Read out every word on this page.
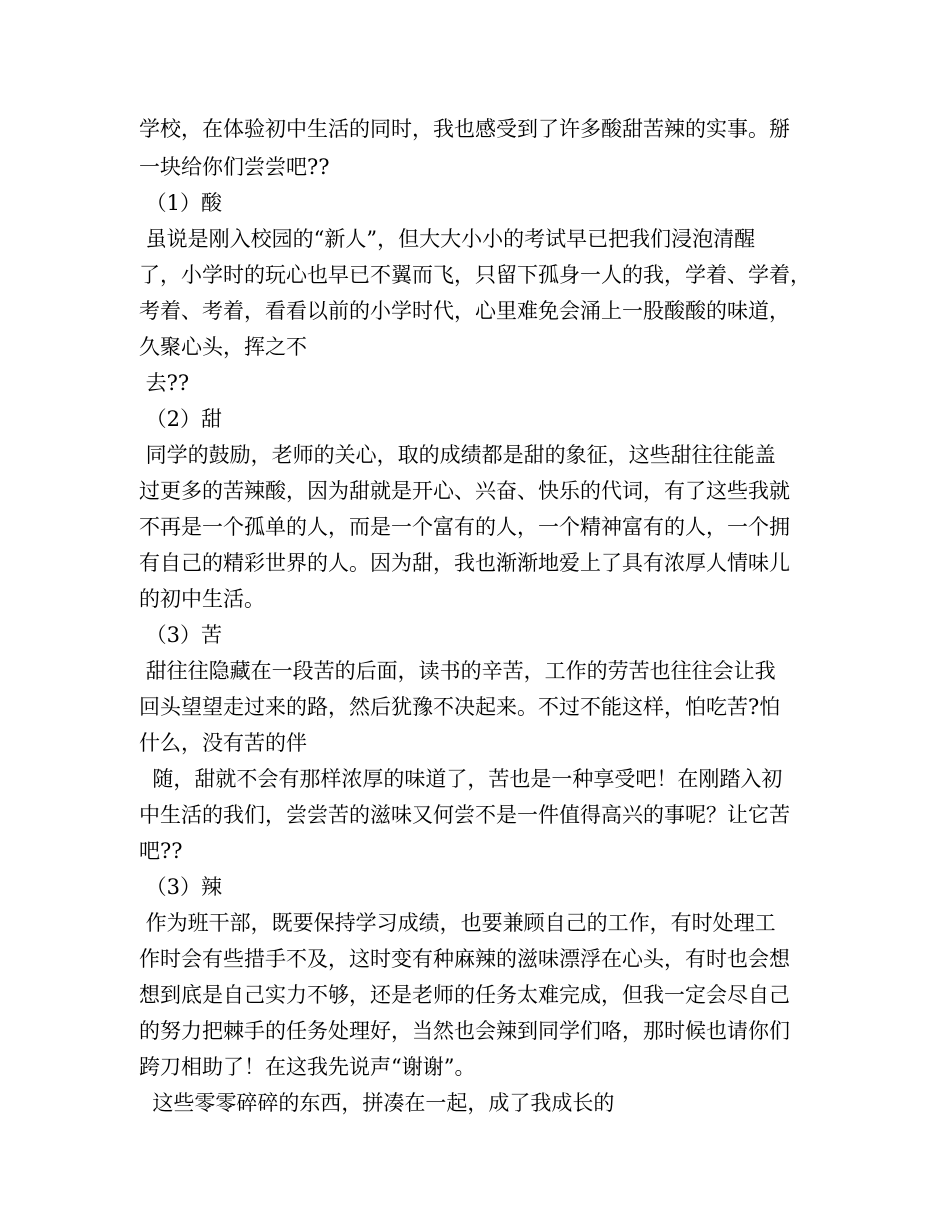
学校，在体验初中生活的同时，我也感受到了许多酸甜苦辣的实事。掰

一块给你们尝尝吧??

（1）酸

虽说是刚入校园的“新人”，但大大小小的考试早已把我们浸泡清醒

了，小学时的玩心也早已不翼而飞，只留下孤身一人的我，学着、学着，

考着、考着，看看以前的小学时代，心里难免会涌上一股酸酸的味道，

久聚心头，挥之不

去??

（2）甜

同学的鼓励，老师的关心，取的成绩都是甜的象征，这些甜往往能盖

过更多的苦辣酸，因为甜就是开心、兴奋、快乐的代词，有了这些我就

不再是一个孤单的人，而是一个富有的人，一个精神富有的人，一个拥

有自己的精彩世界的人。因为甜，我也渐渐地爱上了具有浓厚人情味儿

的初中生活。

（3）苦

甜往往隐藏在一段苦的后面，读书的辛苦，工作的劳苦也往往会让我

回头望望走过来的路，然后犹豫不决起来。不过不能这样，怕吃苦?怕

什么，没有苦的伴

随，甜就不会有那样浓厚的味道了，苦也是一种享受吧！在刚踏入初

中生活的我们，尝尝苦的滋味又何尝不是一件值得高兴的事呢？让它苦

吧??

（3）辣

作为班干部，既要保持学习成绩，也要兼顾自己的工作，有时处理工

作时会有些措手不及，这时变有种麻辣的滋味漂浮在心头，有时也会想

想到底是自己实力不够，还是老师的任务太难完成，但我一定会尽自己

的努力把棘手的任务处理好，当然也会辣到同学们咯，那时候也请你们

跨刀相助了！在这我先说声“谢谢”。

这些零零碎碎的东西，拼凑在一起，成了我成长的
